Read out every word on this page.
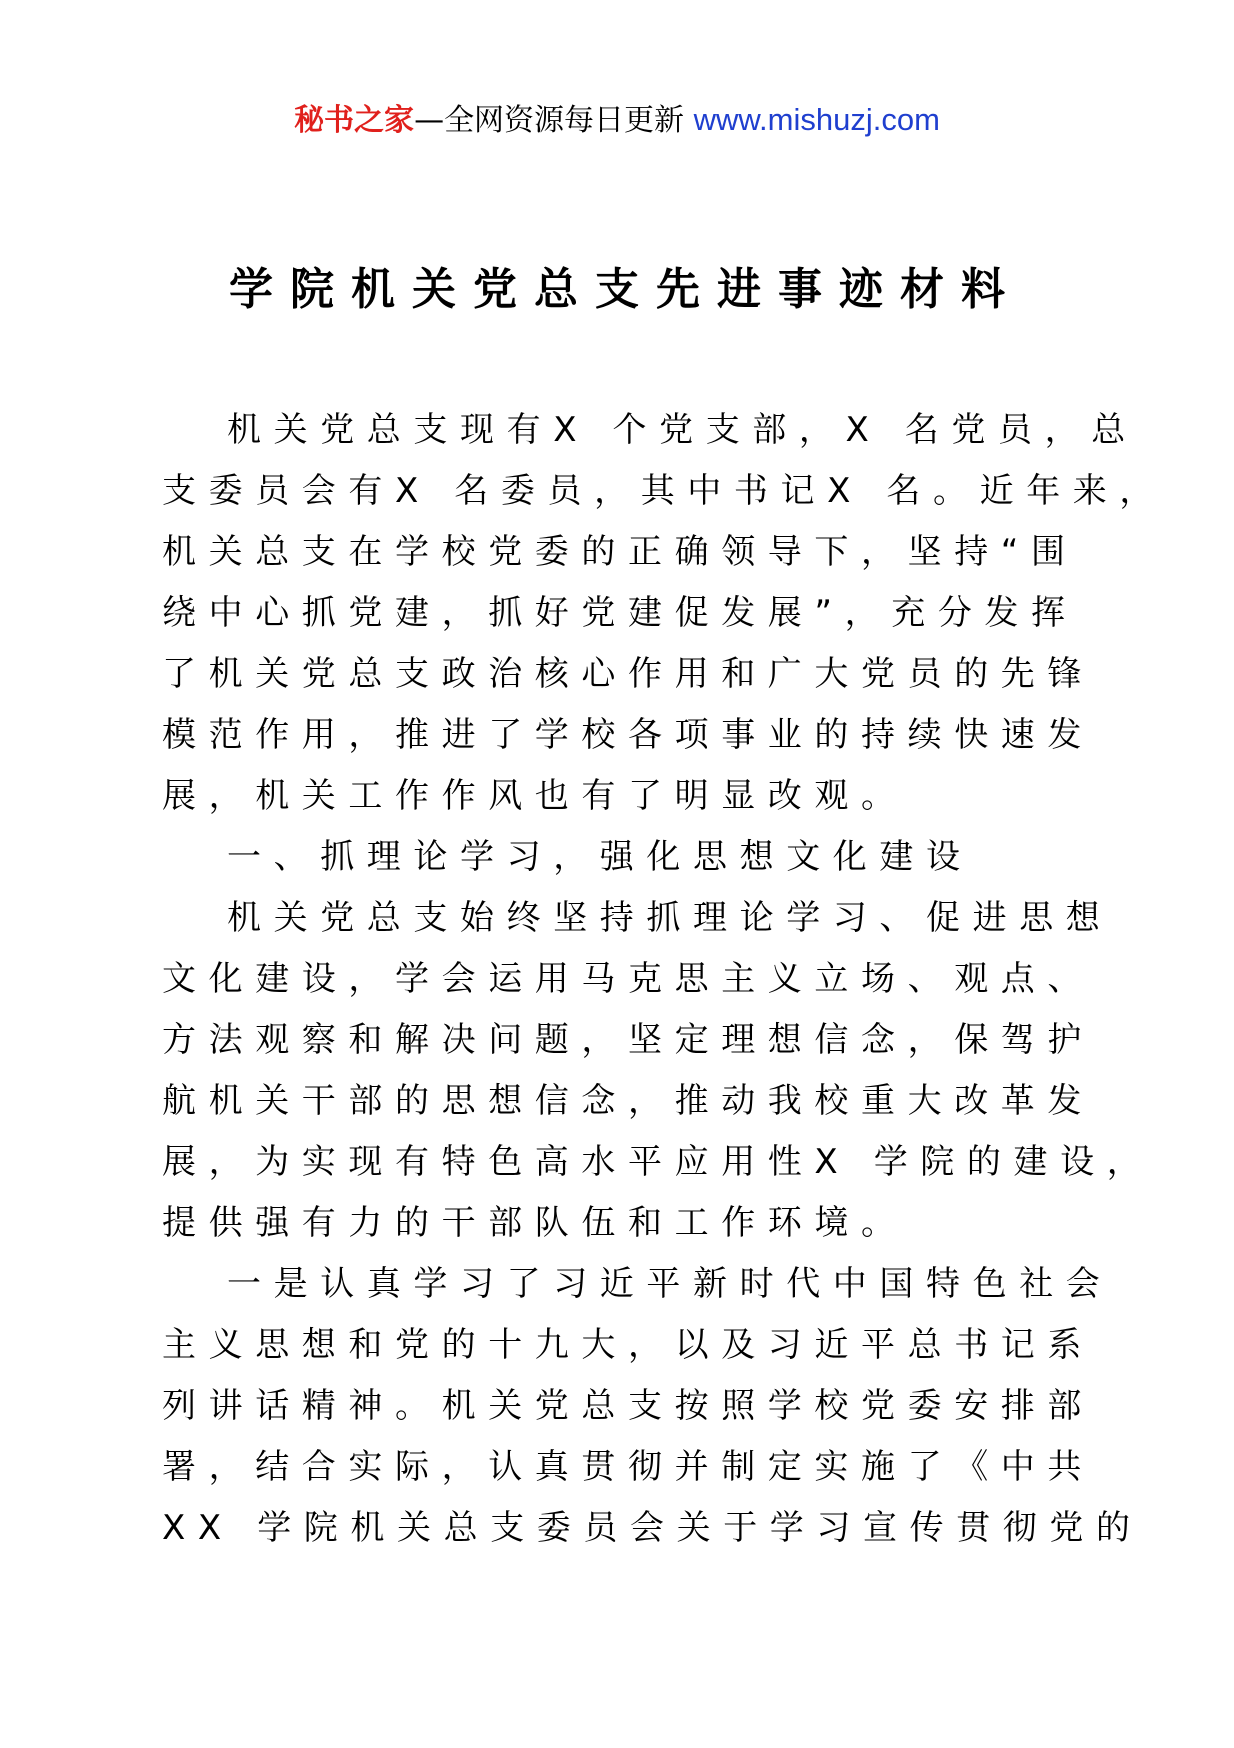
秘书之家—全网资源每日更新 www.mishuzj.com
学院机关党总支先进事迹材料
机关党总支现有X 个党支部，X 名党员，总
支委员会有X 名委员，其中书记X 名。近年来，
机关总支在学校党委的正确领导下，坚持“围
绕中心抓党建，抓好党建促发展”，充分发挥
了机关党总支政治核心作用和广大党员的先锋
模范作用，推进了学校各项事业的持续快速发
展，机关工作作风也有了明显改观。
一、抓理论学习，强化思想文化建设
机关党总支始终坚持抓理论学习、促进思想
文化建设，学会运用马克思主义立场、观点、
方法观察和解决问题，坚定理想信念，保驾护
航机关干部的思想信念，推动我校重大改革发
展，为实现有特色高水平应用性X 学院的建设，
提供强有力的干部队伍和工作环境。
一是认真学习了习近平新时代中国特色社会
主义思想和党的十九大，以及习近平总书记系
列讲话精神。机关党总支按照学校党委安排部
署，结合实际，认真贯彻并制定实施了《中共
XX 学院机关总支委员会关于学习宣传贯彻党的
